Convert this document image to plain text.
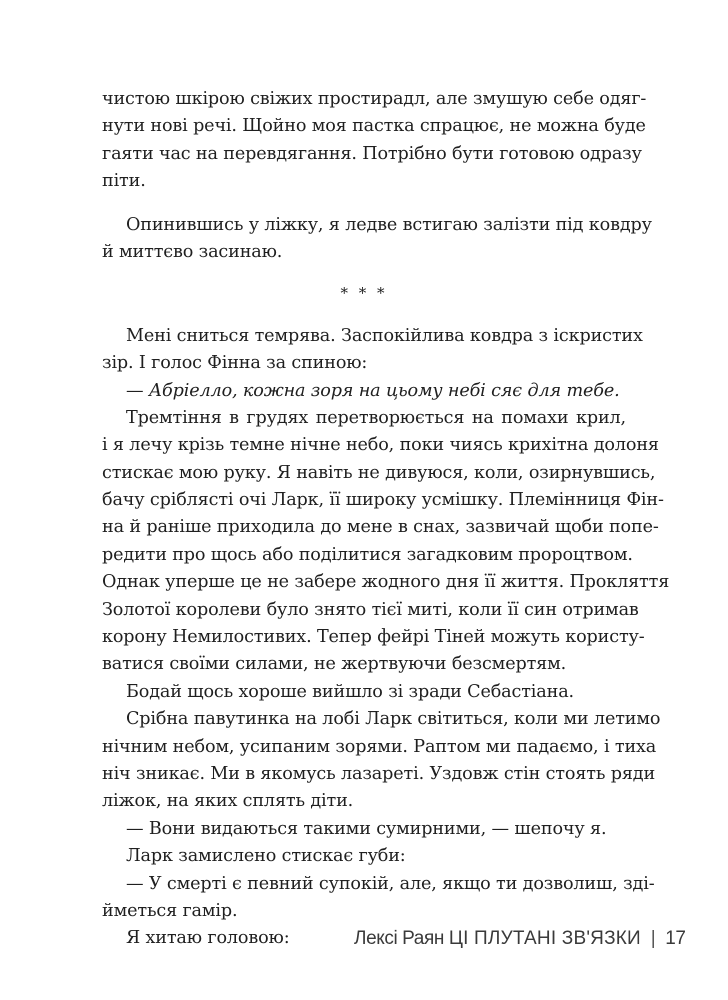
чистою шкірою свіжих простирадл, але змушую себе одяг-
нути нові речі. Щойно моя пастка спрацює, не можна буде
гаяти час на перевдягання. Потрібно бути готовою одразу
піти.
Опинившись у ліжку, я ледве встигаю залізти під ковдру
й миттєво засинаю.
* * *
Мені сниться темрява. Заспокійлива ковдра з іскристих
зір. І голос Фінна за спиною:
— Абріелло, кожна зоря на цьому небі сяє для тебе.
Тремтіння в грудях перетворюється на помахи крил,
і я лечу крізь темне нічне небо, поки чиясь крихітна долоня
стискає мою руку. Я навіть не дивуюся, коли, озирнувшись,
бачу сріблясті очі Ларк, її широку усмішку. Племінниця Фін-
на й раніше приходила до мене в снах, зазвичай щоби попе-
редити про щось або поділитися загадковим пророцтвом.
Однак уперше це не забере жодного дня її життя. Прокляття
Золотої королеви було знято тієї миті, коли її син отримав
корону Немилостивих. Тепер фейрі Тіней можуть користу-
ватися своїми силами, не жертвуючи безсмертям.
Бодай щось хороше вийшло зі зради Себастіана.
Срібна павутинка на лобі Ларк світиться, коли ми летимо
нічним небом, усипаним зорями. Раптом ми падаємо, і тиха
ніч зникає. Ми в якомусь лазареті. Уздовж стін стоять ряди
ліжок, на яких сплять діти.
— Вони видаються такими сумирними, — шепочу я.
Ларк замислено стискає губи:
— У смерті є певний супокій, але, якщо ти дозволиш, зді-
йметься гамір.
Я хитаю головою:	Лексі Раян ЦІ ПЛУТАНІ ЗВ'ЯЗКИ | 17
